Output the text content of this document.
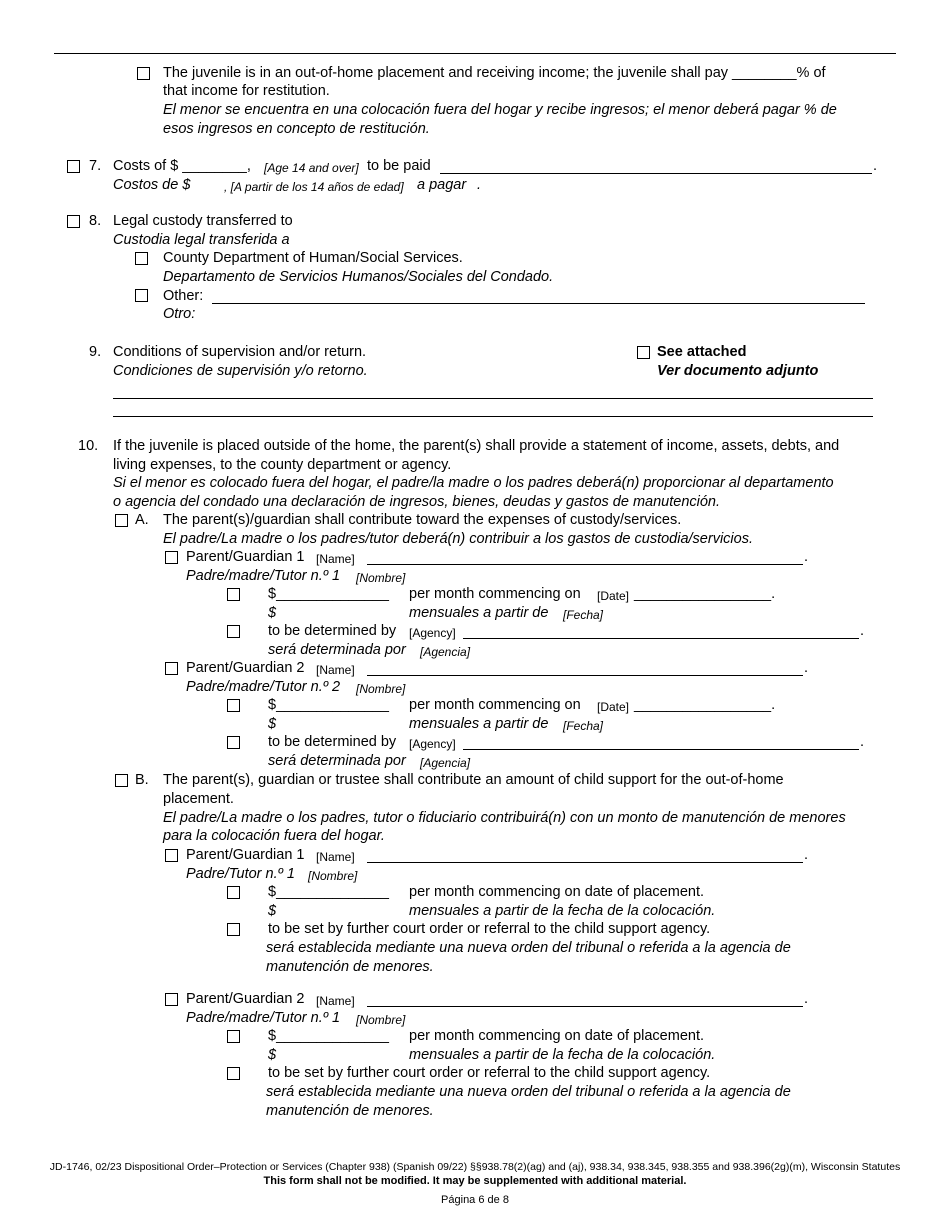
The juvenile is in an out-of-home placement and receiving income; the juvenile shall pay ________% of
that income for restitution.
El menor se encuentra en una colocación fuera del hogar y recibe ingresos; el menor deberá pagar % de
esos ingresos en concepto de restitución.
7. Costs of $ ________, [Age 14 and over] to be paid	.
Costos de $	, [A partir de los 14 años de edad] a pagar .
8. Legal custody transferred to
Custodia legal transferida a
County Department of Human/Social Services.
Departamento de Servicios Humanos/Sociales del Condado.
Other:
Otro:
9. Conditions of supervision and/or return.
Condiciones de supervisión y/o retorno.
See attached
Ver documento adjunto
10. If the juvenile is placed outside of the home, the parent(s) shall provide a statement of income, assets, debts, and
living expenses, to the county department or agency.
Si el menor es colocado fuera del hogar, el padre/la madre o los padres deberá(n) proporcionar al departamento
o agencia del condado una declaración de ingresos, bienes, deudas y gastos de manutención.
A. The parent(s)/guardian shall contribute toward the expenses of custody/services.
El padre/La madre o los padres/tutor deberá(n) contribuir a los gastos de custodia/servicios.
Parent/Guardian 1 [Name]	.
Padre/madre/Tutor n.º 1 [Nombre]
$______________ per month commencing on [Date] _________________.
$	mensuales a partir de [Fecha]
to be determined by [Agency]	.
será determinada por [Agencia]
Parent/Guardian 2 [Name]	.
Padre/madre/Tutor n.º 2 [Nombre]
$______________ per month commencing on [Date] _________________.
$	mensuales a partir de [Fecha]
to be determined by [Agency]	.
será determinada por [Agencia]
B. The parent(s), guardian or trustee shall contribute an amount of child support for the out-of-home
placement.
El padre/La madre o los padres, tutor o fiduciario contribuirá(n) con un monto de manutención de menores
para la colocación fuera del hogar.
Parent/Guardian 1 [Name]	.
Padre/Tutor n.º 1 [Nombre]
$______________ per month commencing on date of placement.
$	mensuales a partir de la fecha de la colocación.
to be set by further court order or referral to the child support agency.
será establecida mediante una nueva orden del tribunal o referida a la agencia de
manutención de menores.
Parent/Guardian 2 [Name]	.
Padre/madre/Tutor n.º 1 [Nombre]
$______________ per month commencing on date of placement.
$	mensuales a partir de la fecha de la colocación.
to be set by further court order or referral to the child support agency.
será establecida mediante una nueva orden del tribunal o referida a la agencia de
manutención de menores.
JD-1746, 02/23 Dispositional Order–Protection or Services (Chapter 938) (Spanish 09/22) §§938.78(2)(ag) and (aj), 938.34, 938.345, 938.355 and 938.396(2g)(m), Wisconsin Statutes
This form shall not be modified. It may be supplemented with additional material.
Página 6 de 8
